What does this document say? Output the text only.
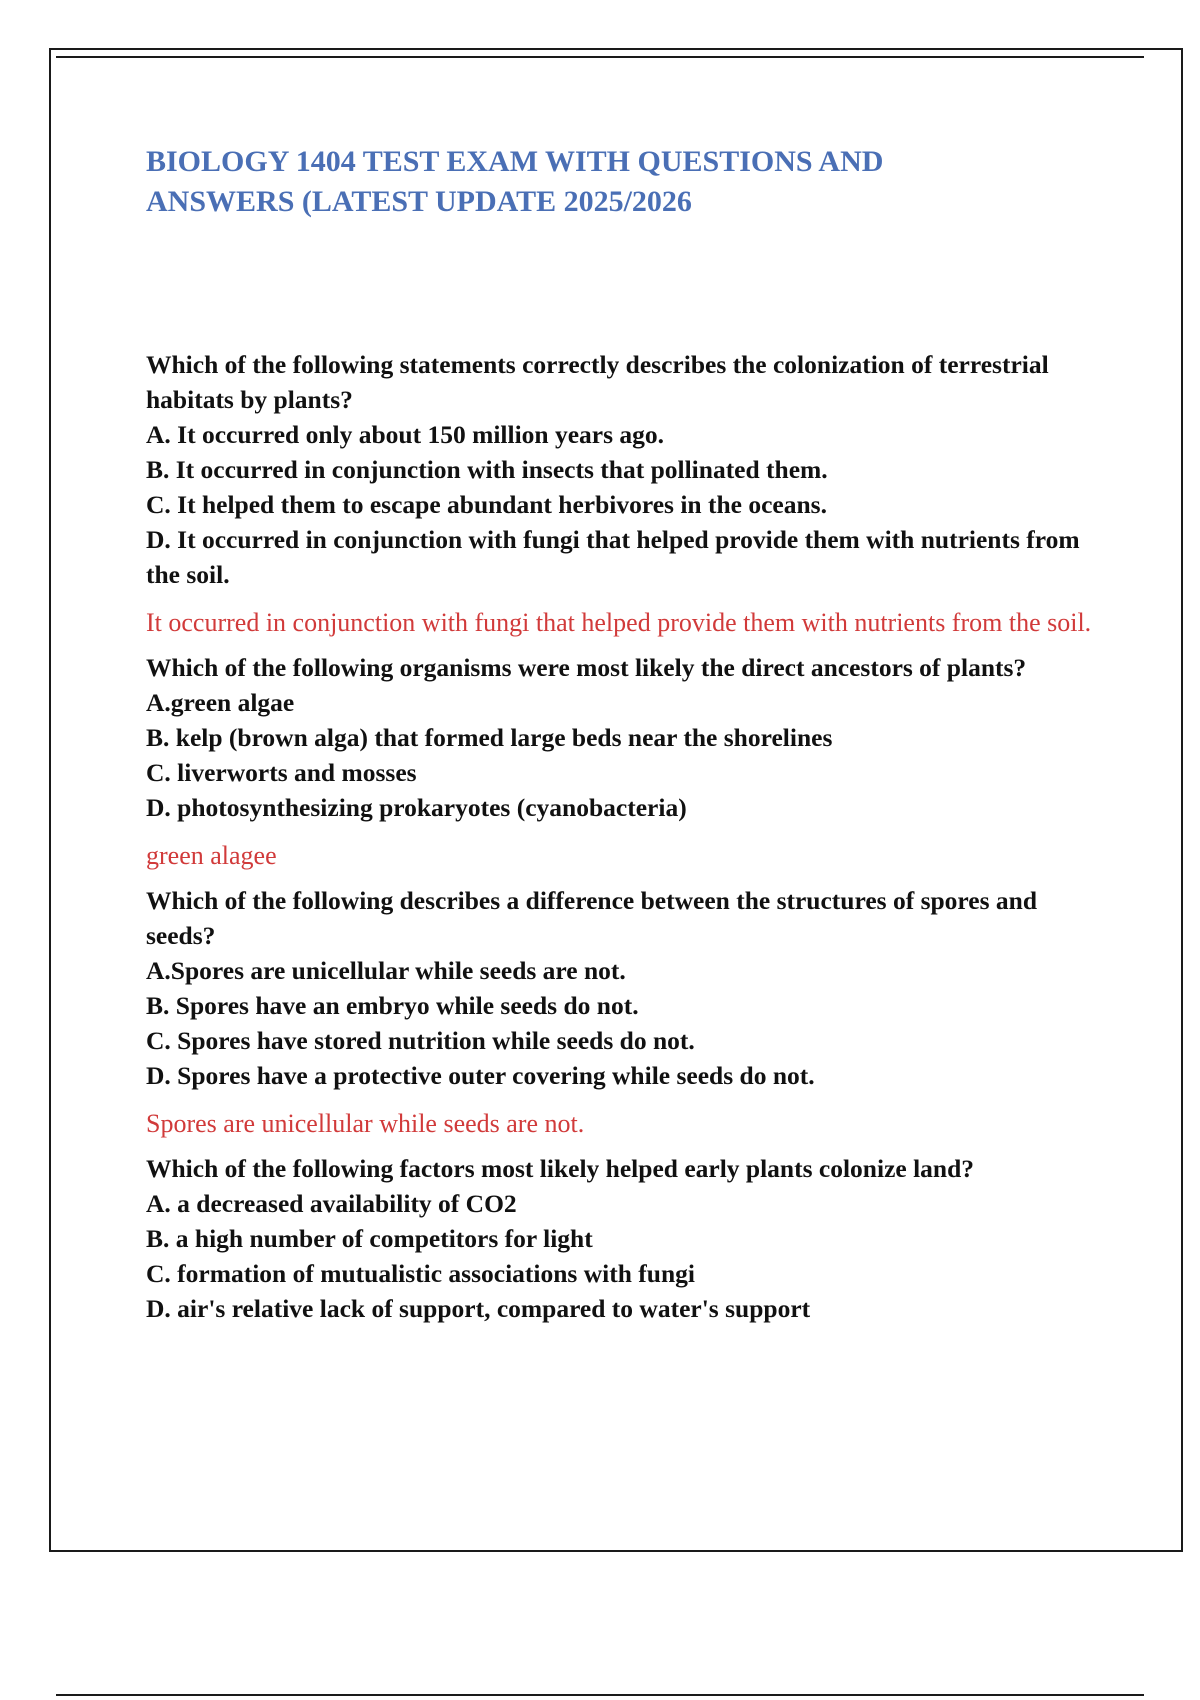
BIOLOGY 1404 TEST EXAM WITH QUESTIONS AND
ANSWERS (LATEST UPDATE 2025/2026

Which of the following statements correctly describes the colonization of terrestrial habitats by plants?

A. It occurred only about 150 million years ago.

B. It occurred in conjunction with insects that pollinated them.

C. It helped them to escape abundant herbivores in the oceans.

D. It occurred in conjunction with fungi that helped provide them with nutrients from the soil.

It occurred in conjunction with fungi that helped provide them with nutrients from the soil.

Which of the following organisms were most likely the direct ancestors of plants?

A.green algae

B. kelp (brown alga) that formed large beds near the shorelines

C. liverworts and mosses

D. photosynthesizing prokaryotes (cyanobacteria)

green alagee

Which of the following describes a difference between the structures of spores and seeds?

A.Spores are unicellular while seeds are not.

B. Spores have an embryo while seeds do not.

C. Spores have stored nutrition while seeds do not.

D. Spores have a protective outer covering while seeds do not.

Spores are unicellular while seeds are not.

Which of the following factors most likely helped early plants colonize land?

A. a decreased availability of CO2

B. a high number of competitors for light

C. formation of mutualistic associations with fungi

D. air's relative lack of support, compared to water's support
